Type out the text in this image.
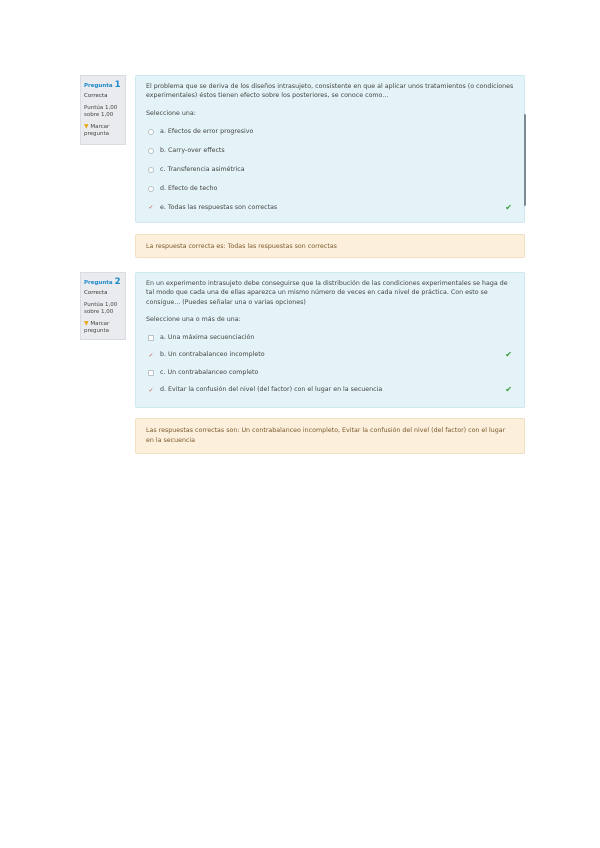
Pregunta 1
Correcta
Puntúa 1,00 sobre 1,00
▼ Marcar pregunta
El problema que se deriva de los diseños intrasujeto, consistente en que al aplicar unos tratamientos (o condiciones experimentales) éstos tienen efecto sobre los posteriores, se conoce como...
Seleccione una:
a. Efectos de error progresivo
b. Carry-over effects
c. Transferencia asimétrica
d. Efecto de techo
✓ e. Todas las respuestas son correctas	✔
La respuesta correcta es: Todas las respuestas son correctas
Pregunta 2
Correcta
Puntúa 1,00 sobre 1,00
▼ Marcar pregunta
En un experimento intrasujeto debe conseguirse que la distribución de las condiciones experimentales se haga de tal modo que cada una de ellas aparezca un mismo número de veces en cada nivel de práctica. Con esto se consigue... (Puedes señalar una o varias opciones)
Seleccione una o más de una:
a. Una máxima secuenciación
✓ b. Un contrabalanceo incompleto	✔
c. Un contrabalanceo completo
✓ d. Evitar la confusión del nivel (del factor) con el lugar en la secuencia	✔
Las respuestas correctas son: Un contrabalanceo incompleto, Evitar la confusión del nivel (del factor) con el lugar en la secuencia
